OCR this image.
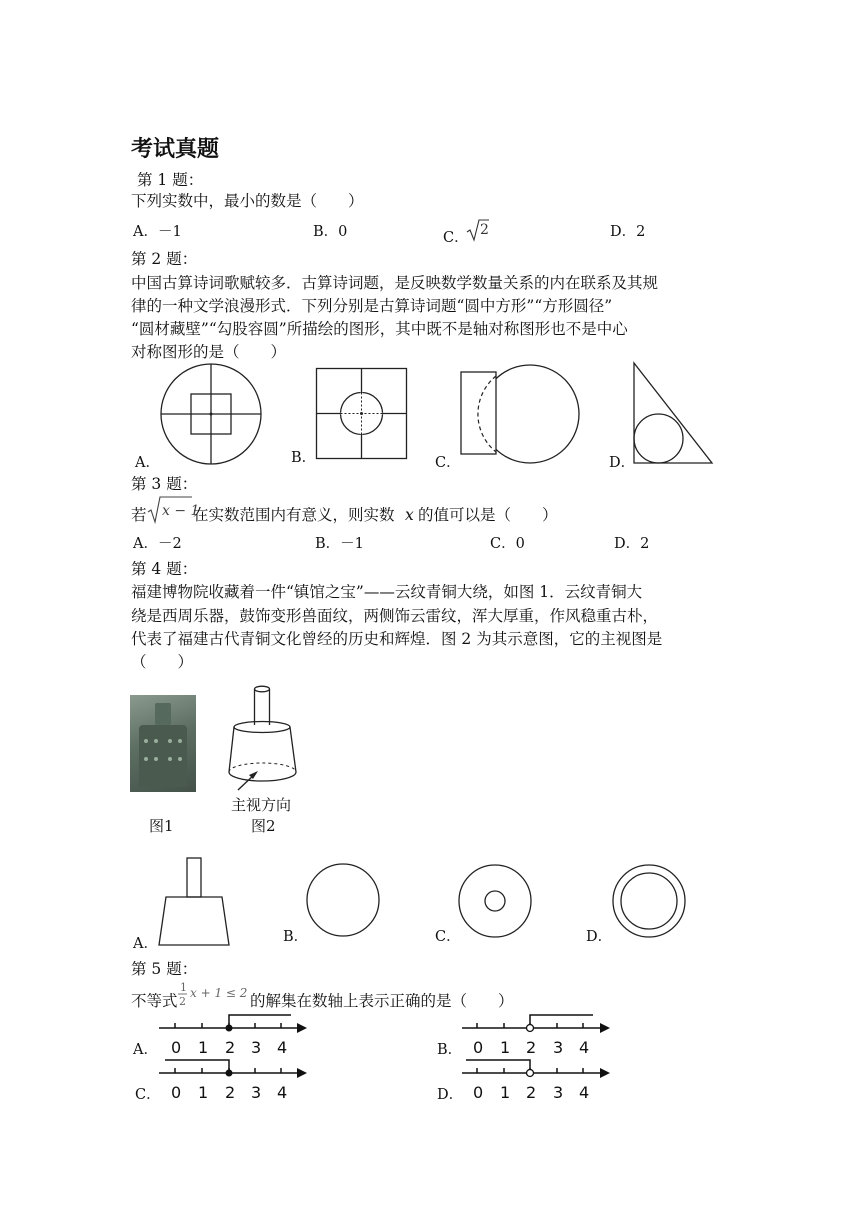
考试真题
第 1 题：
下列实数中，最小的数是（　　）
A．－1	B．0	C． 2	D．2
第 2 题：
中国古算诗词歌赋较多．古算诗词题，是反映数学数量关系的内在联系及其规
律的一种文学浪漫形式．下列分别是古算诗词题“圆中方形”“方形圆径”
“圆材藏壁”“勾股容圆”所描绘的图形，其中既不是轴对称图形也不是中心
对称图形的是（　　）
A．	B．	C．	D．
第 3 题：
若 x − 1
在实数范围内有意义，则实数 x 的值可以是（　　）
A．－2	B．－1	C．0	D．2
第 4 题：
福建博物院收藏着一件“镇馆之宝”——云纹青铜大绕，如图 1．云纹青铜大
绕是西周乐器，鼓饰变形兽面纹，两侧饰云雷纹，浑大厚重，作风稳重古朴，
代表了福建古代青铜文化曾经的历史和辉煌．图 2 为其示意图，它的主视图是
（　　）
图1
主视方向
图2
A．	B．	C．	D．
第 5 题：
不等式
1
2
x + 1 ≤ 2 的解集在数轴上表示正确的是（　　）
A． 0 1 2 3 4	B． 0 1 2 3 4
C． 0 1 2 3 4	D． 0 1 2 3 4
